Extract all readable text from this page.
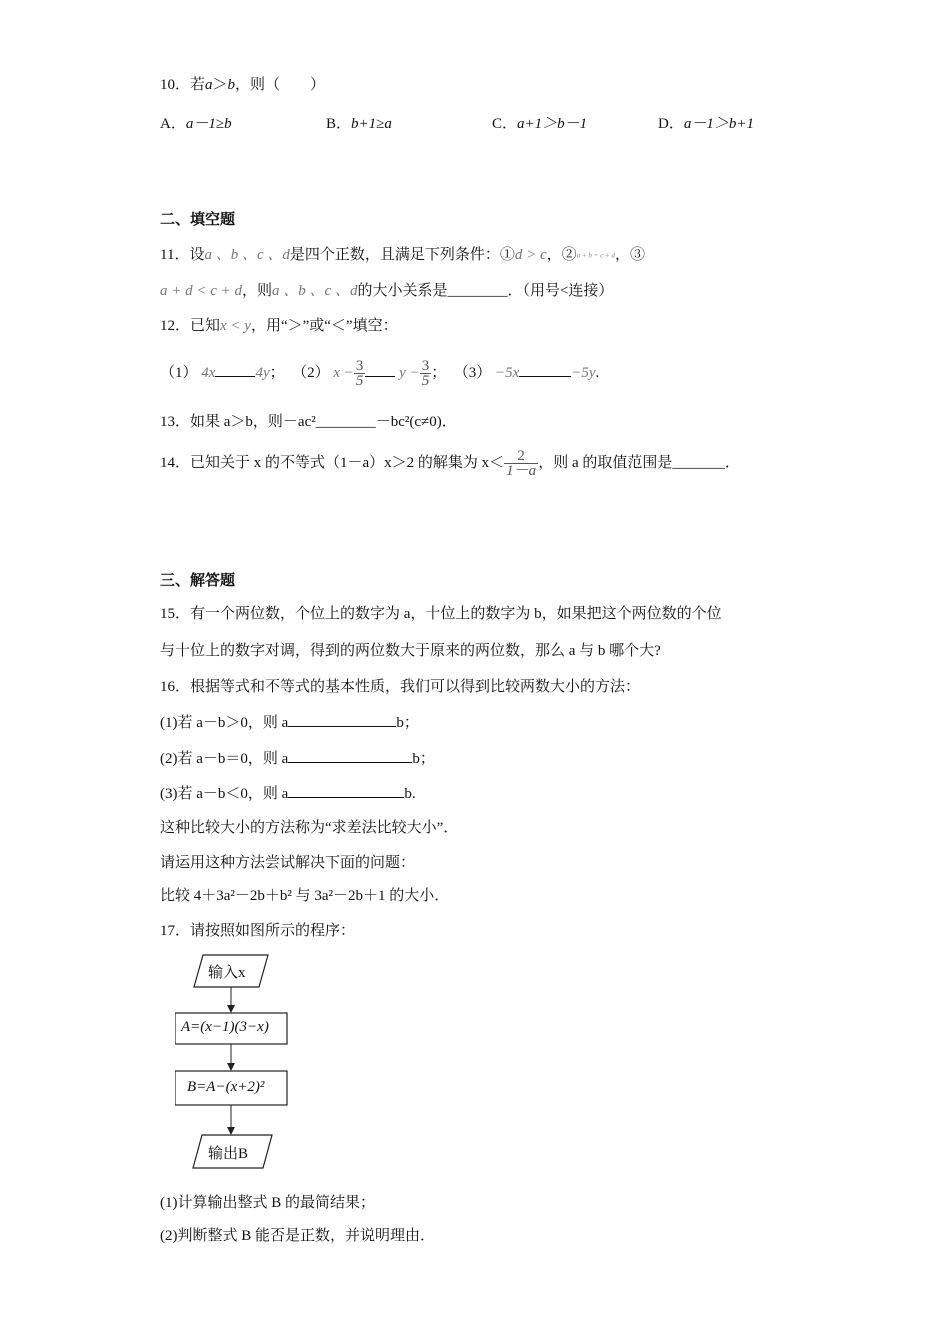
10．若a＞b，则（　　）
A．a－1≥b	B．b+1≥a	C．a+1＞b－1	D．a－1＞b+1
二、填空题
11．设a 、b 、c 、d是四个正数，且满足下列条件：①d > c，②a + b = c + d，③
a + d < c + d，则a 、b 、c 、d的大小关系是________．（用号<连接）
12．已知x < y，用“＞”或“＜”填空：
（1） 4x	4y； （2） $x - \frac{3}{5}$ $y - \frac{3}{5}$ ； （3） −5x	−5y.
13．如果 a＞b，则－ac²________－bc²(c≠0)．
14．已知关于 x 的不等式（1－a）x＞2 的解集为 $x< \frac{2}{1-a}$ ，则 a 的取值范围是_______．
三、解答题
15．有一个两位数，个位上的数字为 a，十位上的数字为 b，如果把这个两位数的个位
与十位上的数字对调，得到的两位数大于原来的两位数，那么 a 与 b 哪个大?
16．根据等式和不等式的基本性质，我们可以得到比较两数大小的方法：
(1)若 a－b＞0，则 a	b；
(2)若 a－b＝0，则 a	b；
(3)若 a－b＜0，则 a	b.
这种比较大小的方法称为“求差法比较大小”．
请运用这种方法尝试解决下面的问题：
比较 4＋3a²－2b＋b² 与 3a²－2b＋1 的大小．
17．请按照如图所示的程序：
输入x
A=(x−1)(3−x)
B=A−(x+2)²
输出B
(1)计算输出整式 B 的最简结果；
(2)判断整式 B 能否是正数，并说明理由．
